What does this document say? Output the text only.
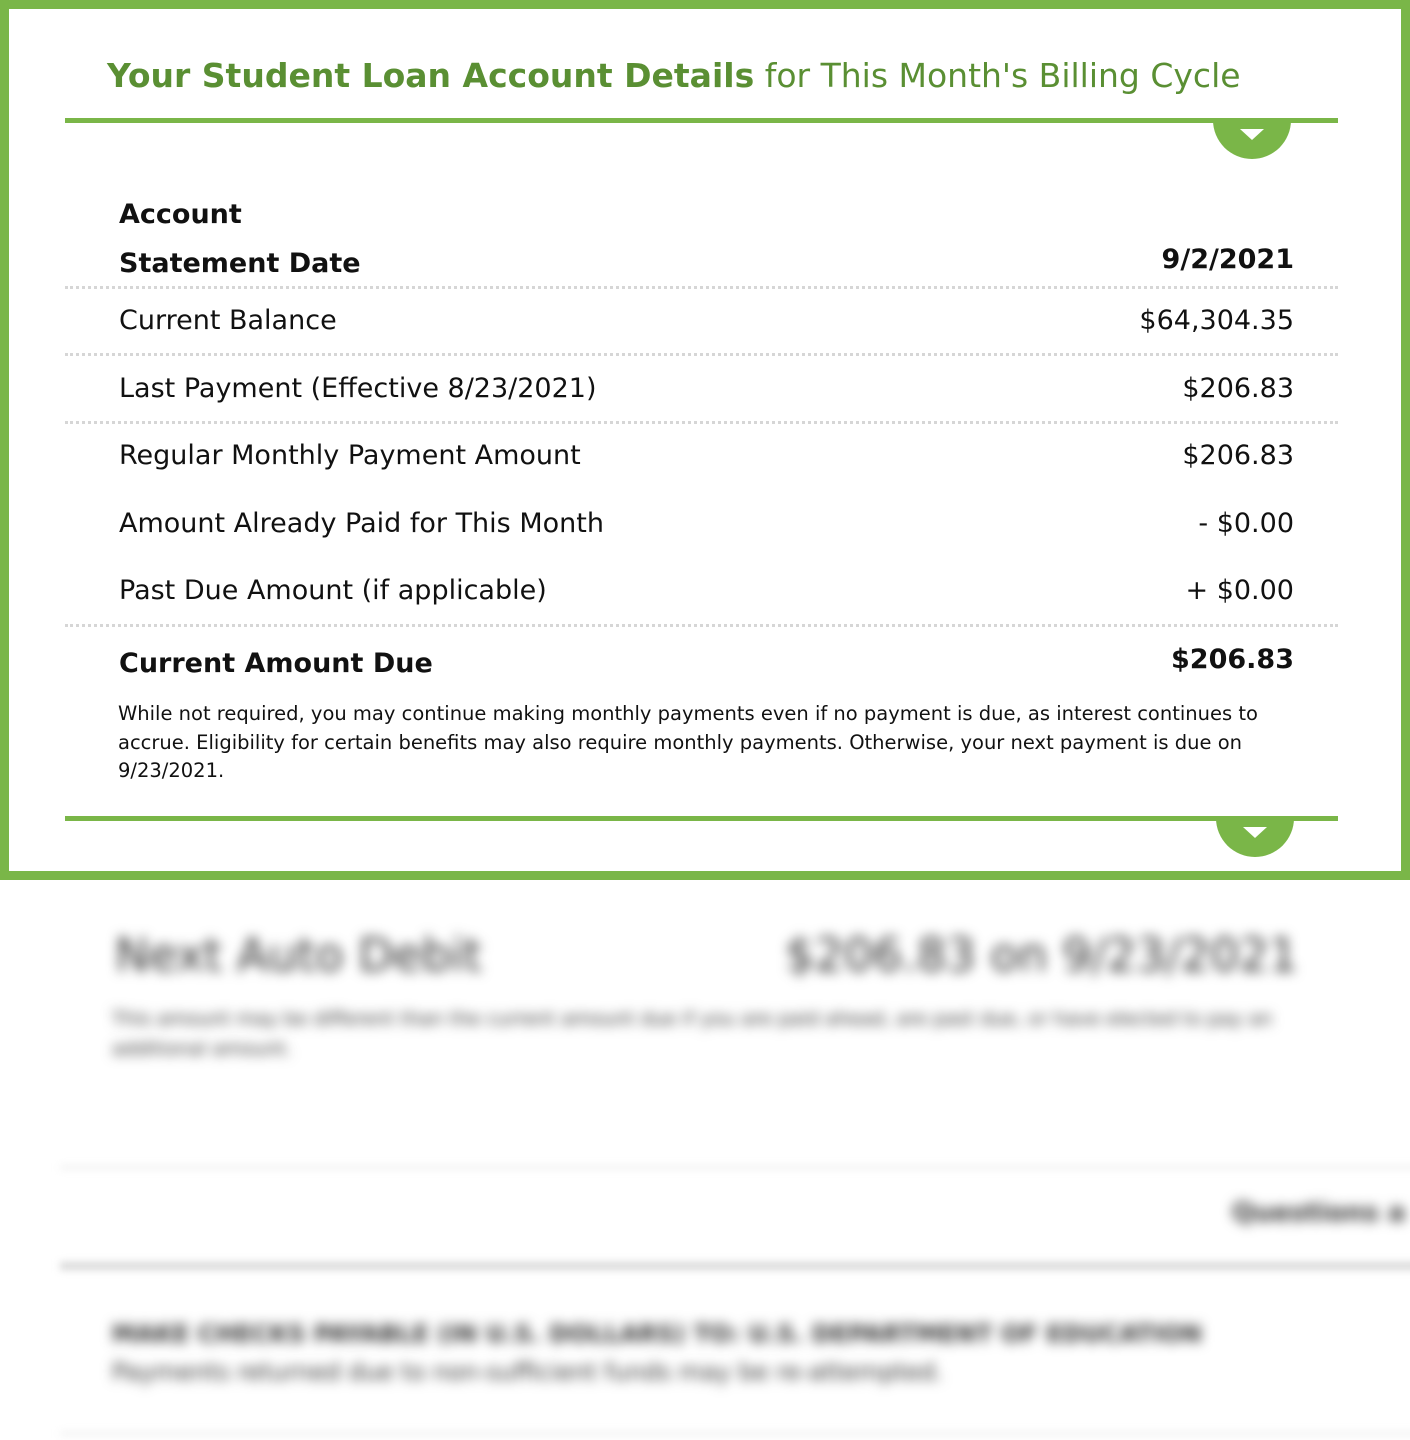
Your Student Loan Account Details for This Month's Billing Cycle
Account
Statement Date	9/2/2021
Current Balance	$64,304.35
Last Payment (Effective 8/23/2021)	$206.83
Regular Monthly Payment Amount	$206.83
Amount Already Paid for This Month	- $0.00
Past Due Amount (if applicable)	+ $0.00
Current Amount Due	$206.83
While not required, you may continue making monthly payments even if no payment is due, as interest continues to accrue. Eligibility for certain benefits may also require monthly payments. Otherwise, your next payment is due on 9/23/2021.
Next Auto Debit	$206.83 on 9/23/2021
This amount may be different than the current amount due if you are paid ahead, are past due, or have elected to pay an
additional amount.
Questions a
MAKE CHECKS PAYABLE (IN U.S. DOLLARS) TO: U.S. DEPARTMENT OF EDUCATION
Payments returned due to non-sufficient funds may be re-attempted.
